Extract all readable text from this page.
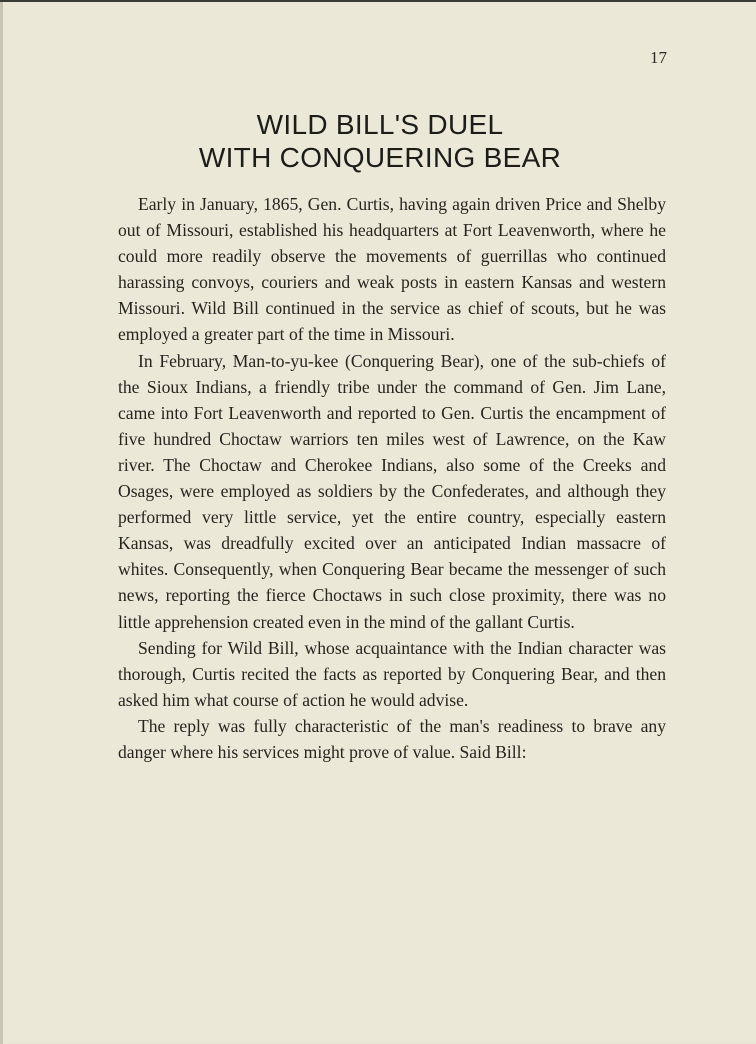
17
WILD BILL'S DUEL
WITH CONQUERING BEAR

Early in January, 1865, Gen. Curtis, having again driven Price and Shelby out of Missouri, established his headquarters at Fort Leavenworth, where he could more readily observe the movements of guerrillas who continued harassing convoys, couriers and weak posts in eastern Kansas and western Missouri. Wild Bill continued in the service as chief of scouts, but he was employed a greater part of the time in Missouri.

In February, Man-to-yu-kee (Conquering Bear), one of the sub-chiefs of the Sioux Indians, a friendly tribe under the command of Gen. Jim Lane, came into Fort Leavenworth and reported to Gen. Curtis the encampment of five hundred Choctaw warriors ten miles west of Lawrence, on the Kaw river. The Choctaw and Cherokee Indians, also some of the Creeks and Osages, were employed as soldiers by the Confederates, and although they performed very little service, yet the entire country, especially eastern Kansas, was dreadfully excited over an anticipated Indian massacre of whites. Consequently, when Conquering Bear became the messenger of such news, reporting the fierce Choctaws in such close proximity, there was no little apprehension created even in the mind of the gallant Curtis.

Sending for Wild Bill, whose acquaintance with the Indian character was thorough, Curtis recited the facts as reported by Conquering Bear, and then asked him what course of action he would advise.

The reply was fully characteristic of the man's readiness to brave any danger where his services might prove of value. Said Bill:
